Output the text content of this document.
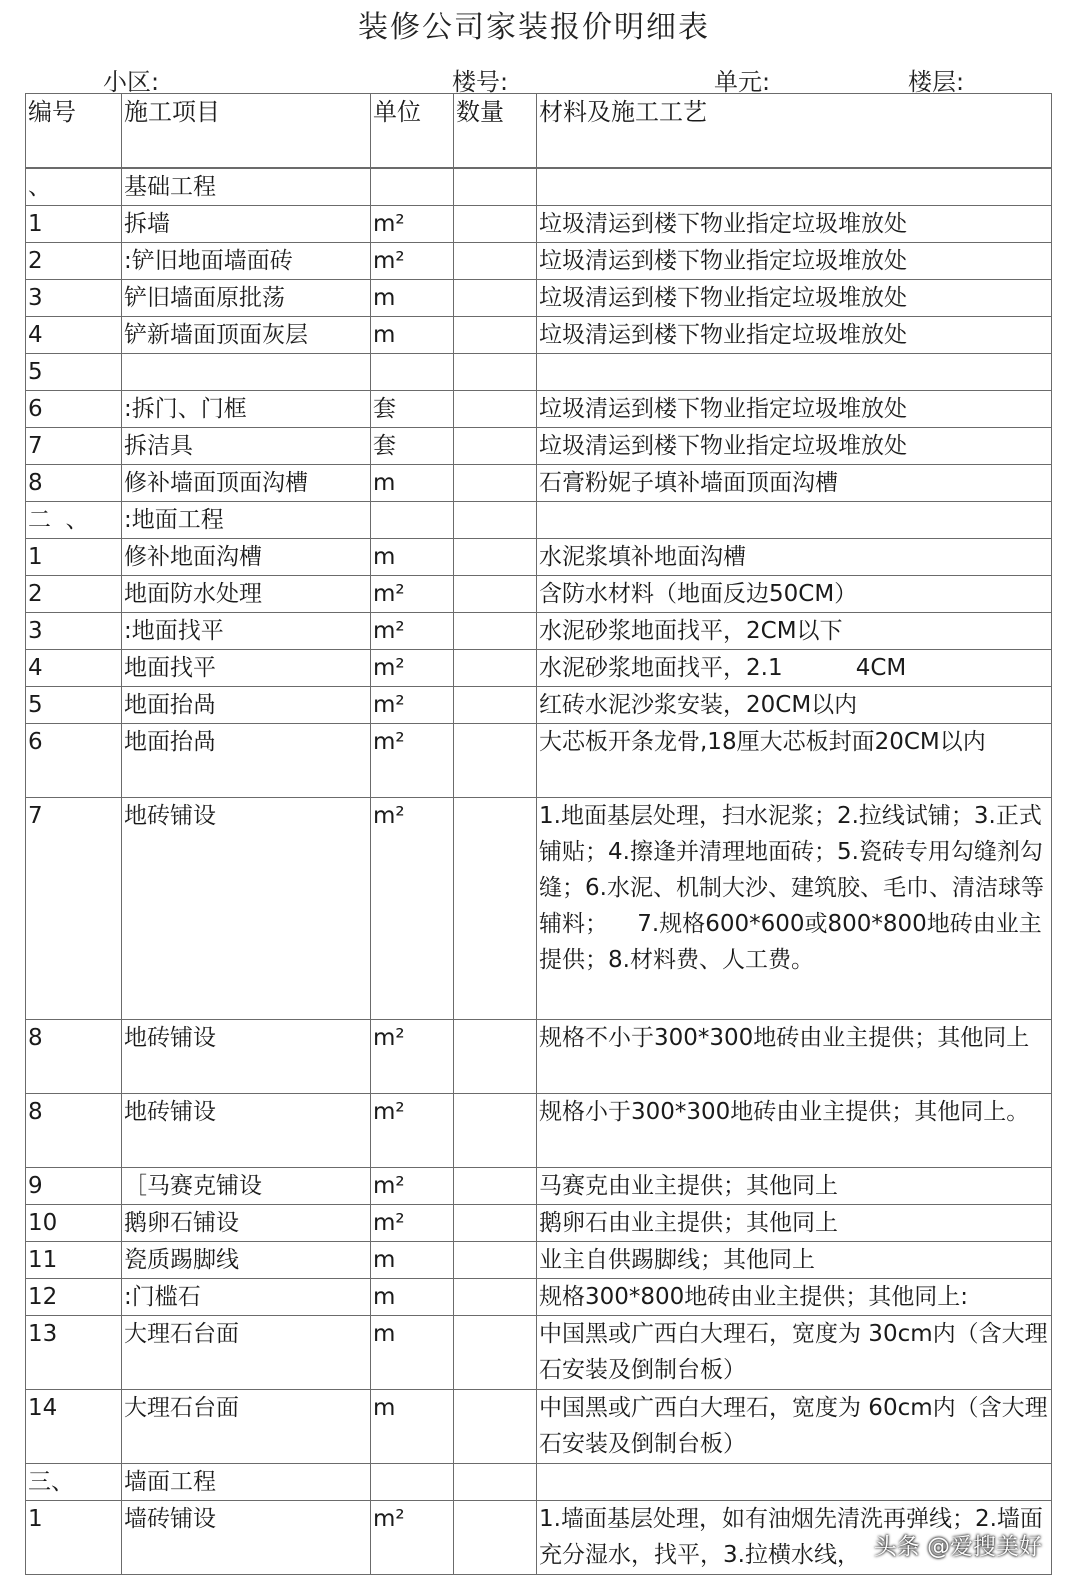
装修公司家装报价明细表
小区:	楼号:	单元:	楼层:
编号	施工项目	单位	数量	材料及施工工艺

、	基础工程			
1	拆墙	m²		垃圾清运到楼下物业指定垃圾堆放处
2	:铲旧地面墙面砖	m²		垃圾清运到楼下物业指定垃圾堆放处
3	铲旧墙面原批荡	m		垃圾清运到楼下物业指定垃圾堆放处
4	铲新墙面顶面灰层	m		垃圾清运到楼下物业指定垃圾堆放处
5				
6	:拆门、门框	套		垃圾清运到楼下物业指定垃圾堆放处
7	拆洁具	套		垃圾清运到楼下物业指定垃圾堆放处
8	修补墙面顶面沟槽	m		石膏粉妮子填补墙面顶面沟槽
二  、	:地面工程			
1	修补地面沟槽	m		水泥浆填补地面沟槽
2	地面防水处理	m²		含防水材料（地面反边50CM）
3	:地面找平	m²		水泥砂浆地面找平，2CM以下
4	地面找平	m²		水泥砂浆地面找平，2.1          4CM
5	地面抬咼	m²		红砖水泥沙浆安装，20CM以内
6	地面抬咼	m²		大芯板开条龙骨,18厘大芯板封面20CM以内
7	地砖铺设	m²		1.地面基层处理，扫水泥浆；2.拉线试铺；3.正式铺贴；4.擦逢并清理地面砖；5.瓷砖专用勾缝剂勾缝；6.水泥、机制大沙、建筑胶、毛巾、清洁球等辅料；    7.规格600*600或800*800地砖由业主提供；8.材料费、人工费。
8	地砖铺设	m²		规格不小于300*300地砖由业主提供；其他同上
8	地砖铺设	m²		规格小于300*300地砖由业主提供；其他同上。
9	［马赛克铺设	m²		马赛克由业主提供；其他同上
10	鹅卵石铺设	m²		鹅卵石由业主提供；其他同上
11	瓷质踢脚线	m		业主自供踢脚线；其他同上
12	:门槛石	m		规格300*800地砖由业主提供；其他同上:
13	大理石台面	m		中国黑或广西白大理石，宽度为 30cm内（含大理石安装及倒制台板）
14	大理石台面	m		中国黑或广西白大理石，宽度为 60cm内（含大理石安装及倒制台板）
三、	墙面工程			
1	墙砖铺设	m²		1.墙面基层处理，如有油烟先清洗再弹线；2.墙面充分湿水，找平，3.拉横水线， 头条 @爱搜美好
